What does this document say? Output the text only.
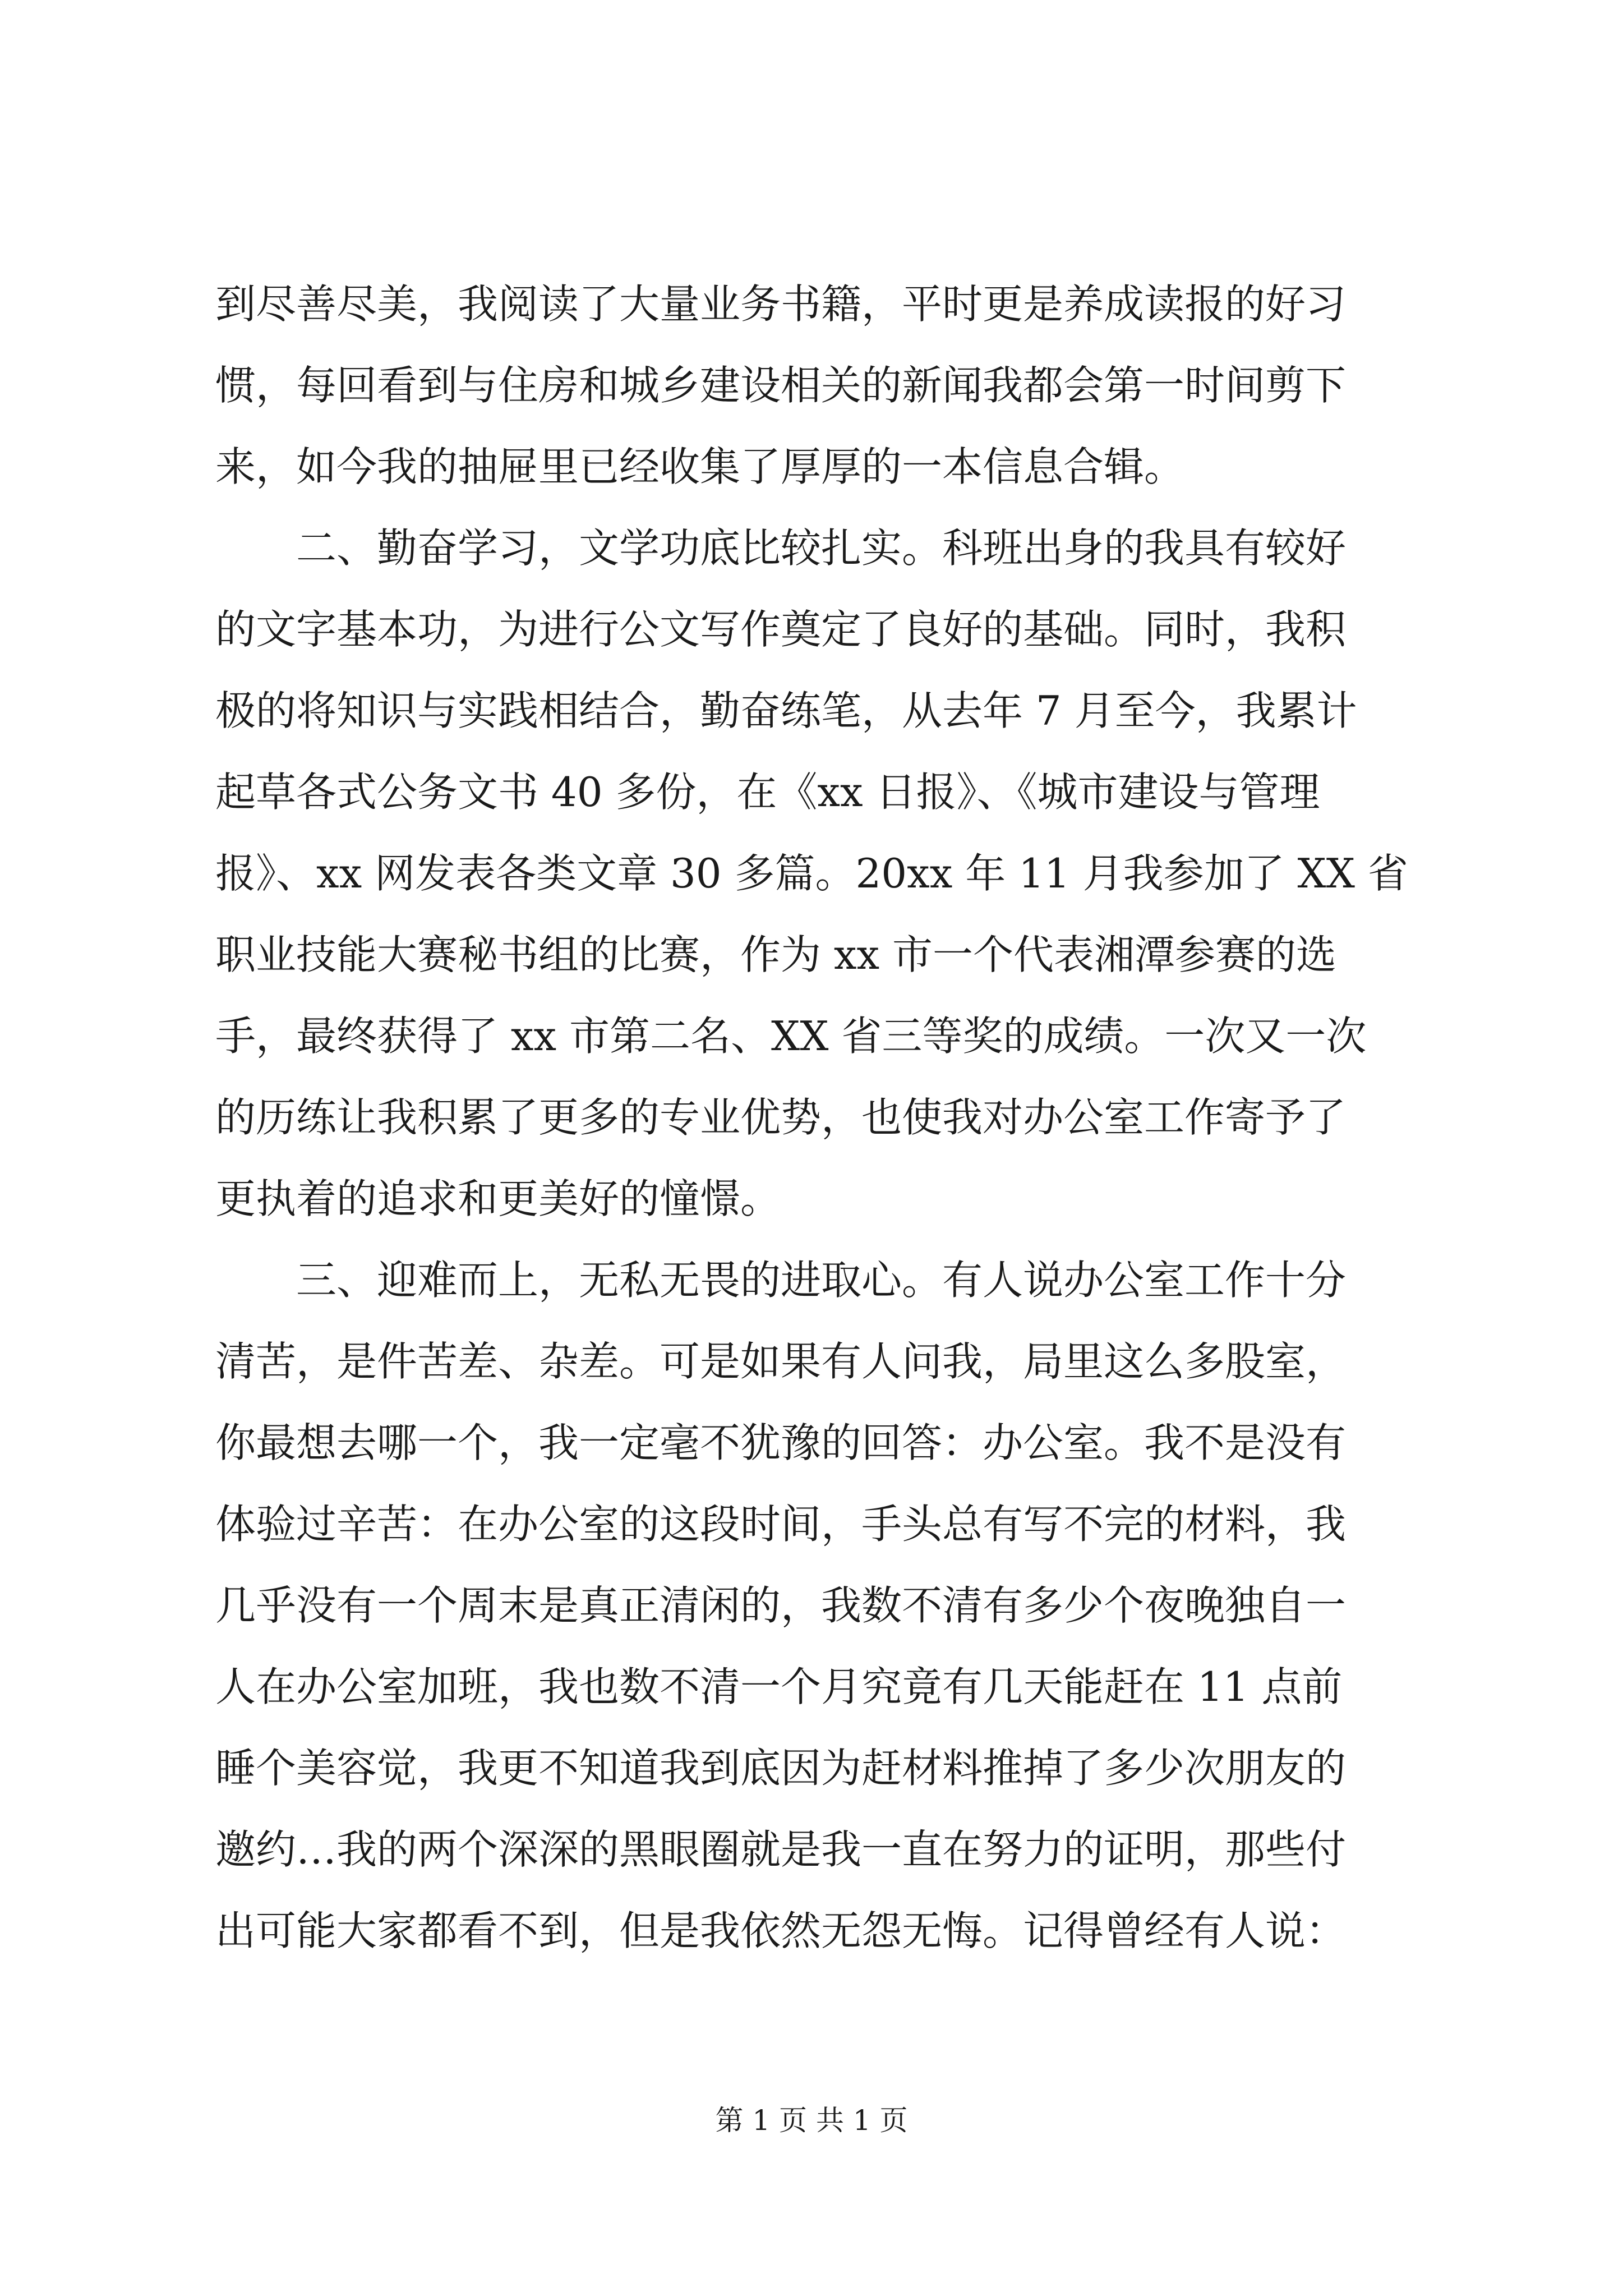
到尽善尽美，我阅读了大量业务书籍，平时更是养成读报的好习
惯，每回看到与住房和城乡建设相关的新闻我都会第一时间剪下
来，如今我的抽屉里已经收集了厚厚的一本信息合辑。
二、勤奋学习，文学功底比较扎实。科班出身的我具有较好
的文字基本功，为进行公文写作奠定了良好的基础。同时，我积
极的将知识与实践相结合，勤奋练笔，从去年 7 月至今，我累计
起草各式公务文书 40 多份，在《xx 日报》、《城市建设与管理
报》、xx 网发表各类文章 30 多篇。20xx 年 11 月我参加了 XX 省
职业技能大赛秘书组的比赛，作为 xx 市一个代表湘潭参赛的选
手，最终获得了 xx 市第二名、XX 省三等奖的成绩。一次又一次
的历练让我积累了更多的专业优势，也使我对办公室工作寄予了
更执着的追求和更美好的憧憬。
三、迎难而上，无私无畏的进取心。有人说办公室工作十分
清苦，是件苦差、杂差。可是如果有人问我，局里这么多股室，
你最想去哪一个，我一定毫不犹豫的回答：办公室。我不是没有
体验过辛苦：在办公室的这段时间，手头总有写不完的材料，我
几乎没有一个周末是真正清闲的，我数不清有多少个夜晚独自一
人在办公室加班，我也数不清一个月究竟有几天能赶在 11 点前
睡个美容觉，我更不知道我到底因为赶材料推掉了多少次朋友的
邀约…我的两个深深的黑眼圈就是我一直在努力的证明，那些付
出可能大家都看不到，但是我依然无怨无悔。记得曾经有人说：
第 1 页 共 1 页
